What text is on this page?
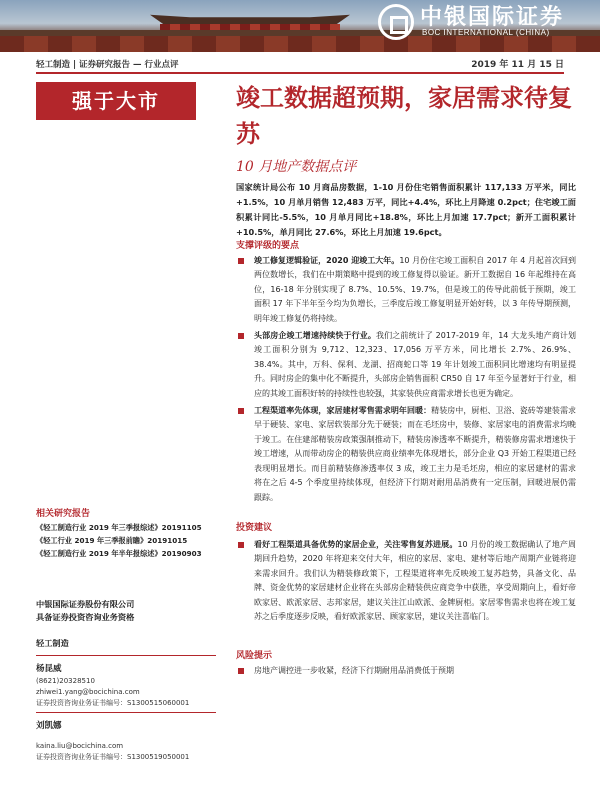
中银国际证券
BOC INTERNATIONAL (CHINA)
轻工制造 | 证券研究报告 — 行业点评	2019 年 11 月 15 日
强于大市	竣工数据超预期，家居需求待复苏
10 月地产数据点评
国家统计局公布 10 月商品房数据，1-10 月份住宅销售面积累计 117,133 万平米，同比+1.5%，10 月单月销售 12,483 万平，同比+4.4%，环比上月降速 0.2pct；住宅竣工面积累计同比-5.5%，10 月单月同比+18.8%，环比上月加速 17.7pct；新开工面积累计+10.5%，单月同比 27.6%，环比上月加速 19.6pct。
支撑评级的要点
竣工修复逻辑验证，2020 迎竣工大年。10 月份住宅竣工面积自 2017 年 4 月起首次回到两位数增长，我们在中期策略中提到的竣工修复得以验证。新开工数据自 16 年起维持在高位，16-18 年分别实现了 8.7%、10.5%、19.7%，但是竣工的传导此前低于预期，竣工面积 17 年下半年至今均为负增长，三季度后竣工修复明显开始好转，以 3 年传导期预测，明年竣工修复仍将持续。
头部房企竣工增速持续快于行业。我们之前统计了 2017-2019 年，14 大龙头地产商计划竣工面积分别为 9,712、12,323、17,056 万平方米，同比增长 2.7%、26.9%、38.4%。其中，万科、保利、龙湖、招商蛇口等 19 年计划竣工面积同比增速均有明显提升。同时房企的集中化不断提升，头部房企销售面积 CR50 自 17 年至今显著好于行业，相应的其竣工面积好转的持续性也较强，其家装供应商需求增长也更为确定。
工程渠道率先体现，家居建材零售需求明年回暖：精装房中，厨柜、卫浴、瓷砖等建装需求早于硬装、家电、家居软装部分先于硬装；而在毛坯房中，装修、家居家电的消费需求均晚于竣工。在住建部精装房政策强制推动下，精装房渗透率不断提升，精装修房需求增速快于竣工增速，从而带动房企的精装供应商业绩率先体现增长，部分企业 Q3 开始工程渠道已经表现明显增长。而目前精装修渗透率仅 3 成，竣工主力是毛坯房，相应的家居建材的需求将在之后 4-5 个季度里持续体现，但经济下行期对耐用品消费有一定压制，回暖进展仍需跟踪。
投资建议
看好工程渠道具备优势的家居企业，关注零售复苏进展。10 月份的竣工数据确认了地产周期回升趋势，2020 年将迎来交付大年，相应的家居、家电、建材等后地产周期产业链将迎来需求回升。我们认为精装修政策下，工程渠道将率先反映竣工复苏趋势，具备文化、品牌、资金优势的家居建材企业将在头部房企精装供应商竞争中获胜，享受周期向上，看好帝欧家居、欧派家居、志邦家居，建议关注江山欧派、金牌厨柜。家居零售需求也将在竣工复苏之后季度逐步反映，看好欧派家居、顾家家居，建议关注喜临门。
风险提示
房地产调控进一步收紧，经济下行期耐用品消费低于预期
相关研究报告
《轻工制造行业 2019 年三季报综述》20191105
《轻工行业 2019 年三季报前瞻》20191015
《轻工制造行业 2019 年半年报综述》20190903
中银国际证券股份有限公司
具备证券投资咨询业务资格
轻工制造
杨昆威
(8621)20328510
zhiwei1.yang@bocichina.com
证券投资咨询业务证书编号：S1300515060001
刘凯娜
kaina.liu@bocichina.com
证券投资咨询业务证书编号：S1300519050001
